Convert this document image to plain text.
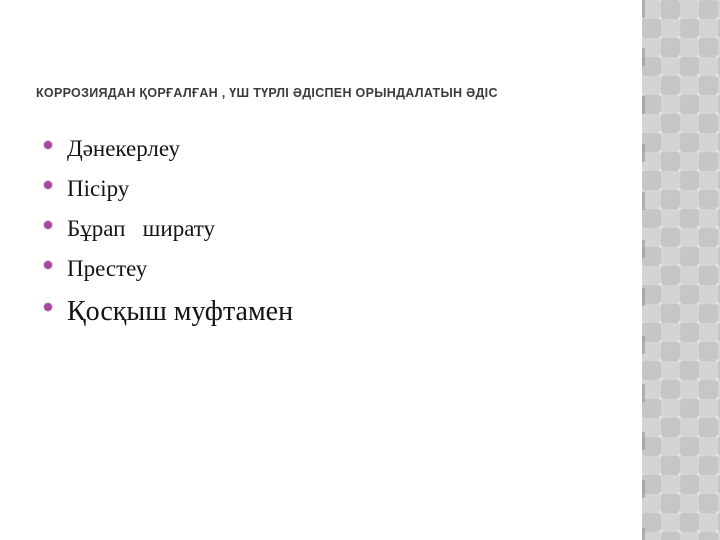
КОРРОЗИЯДАН ҚОРҒАЛҒАН , ҮШ ТҮРЛІ ӘДІСПЕН ОРЫНДАЛАТЫН ӘДІС
Дәнекерлеу
Пісіру
Бұрап   ширату
Престеу
Қосқыш муфтамен
